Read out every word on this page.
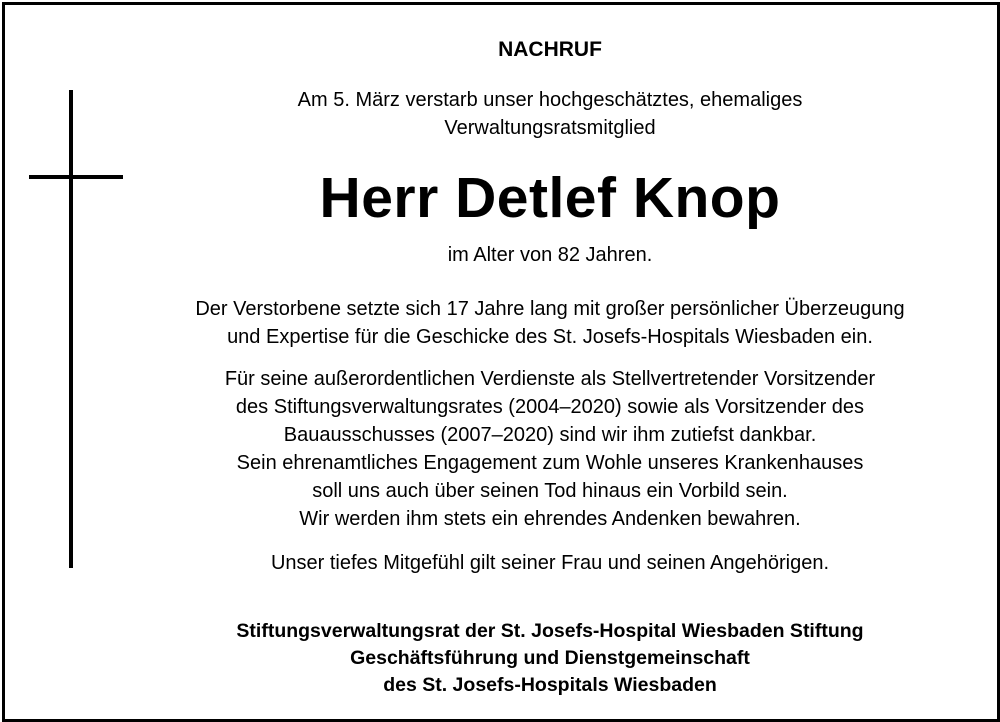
NACHRUF
Am 5. März verstarb unser hochgeschätztes, ehemaliges
Verwaltungsratsmitglied
Herr Detlef Knop
im Alter von 82 Jahren.
Der Verstorbene setzte sich 17 Jahre lang mit großer persönlicher Überzeugung
und Expertise für die Geschicke des St. Josefs-Hospitals Wiesbaden ein.
Für seine außerordentlichen Verdienste als Stellvertretender Vorsitzender
des Stiftungsverwaltungsrates (2004–2020) sowie als Vorsitzender des
Bauausschusses (2007–2020) sind wir ihm zutiefst dankbar.
Sein ehrenamtliches Engagement zum Wohle unseres Krankenhauses
soll uns auch über seinen Tod hinaus ein Vorbild sein.
Wir werden ihm stets ein ehrendes Andenken bewahren.
Unser tiefes Mitgefühl gilt seiner Frau und seinen Angehörigen.
Stiftungsverwaltungsrat der St. Josefs-Hospital Wiesbaden Stiftung
Geschäftsführung und Dienstgemeinschaft
des St. Josefs-Hospitals Wiesbaden
